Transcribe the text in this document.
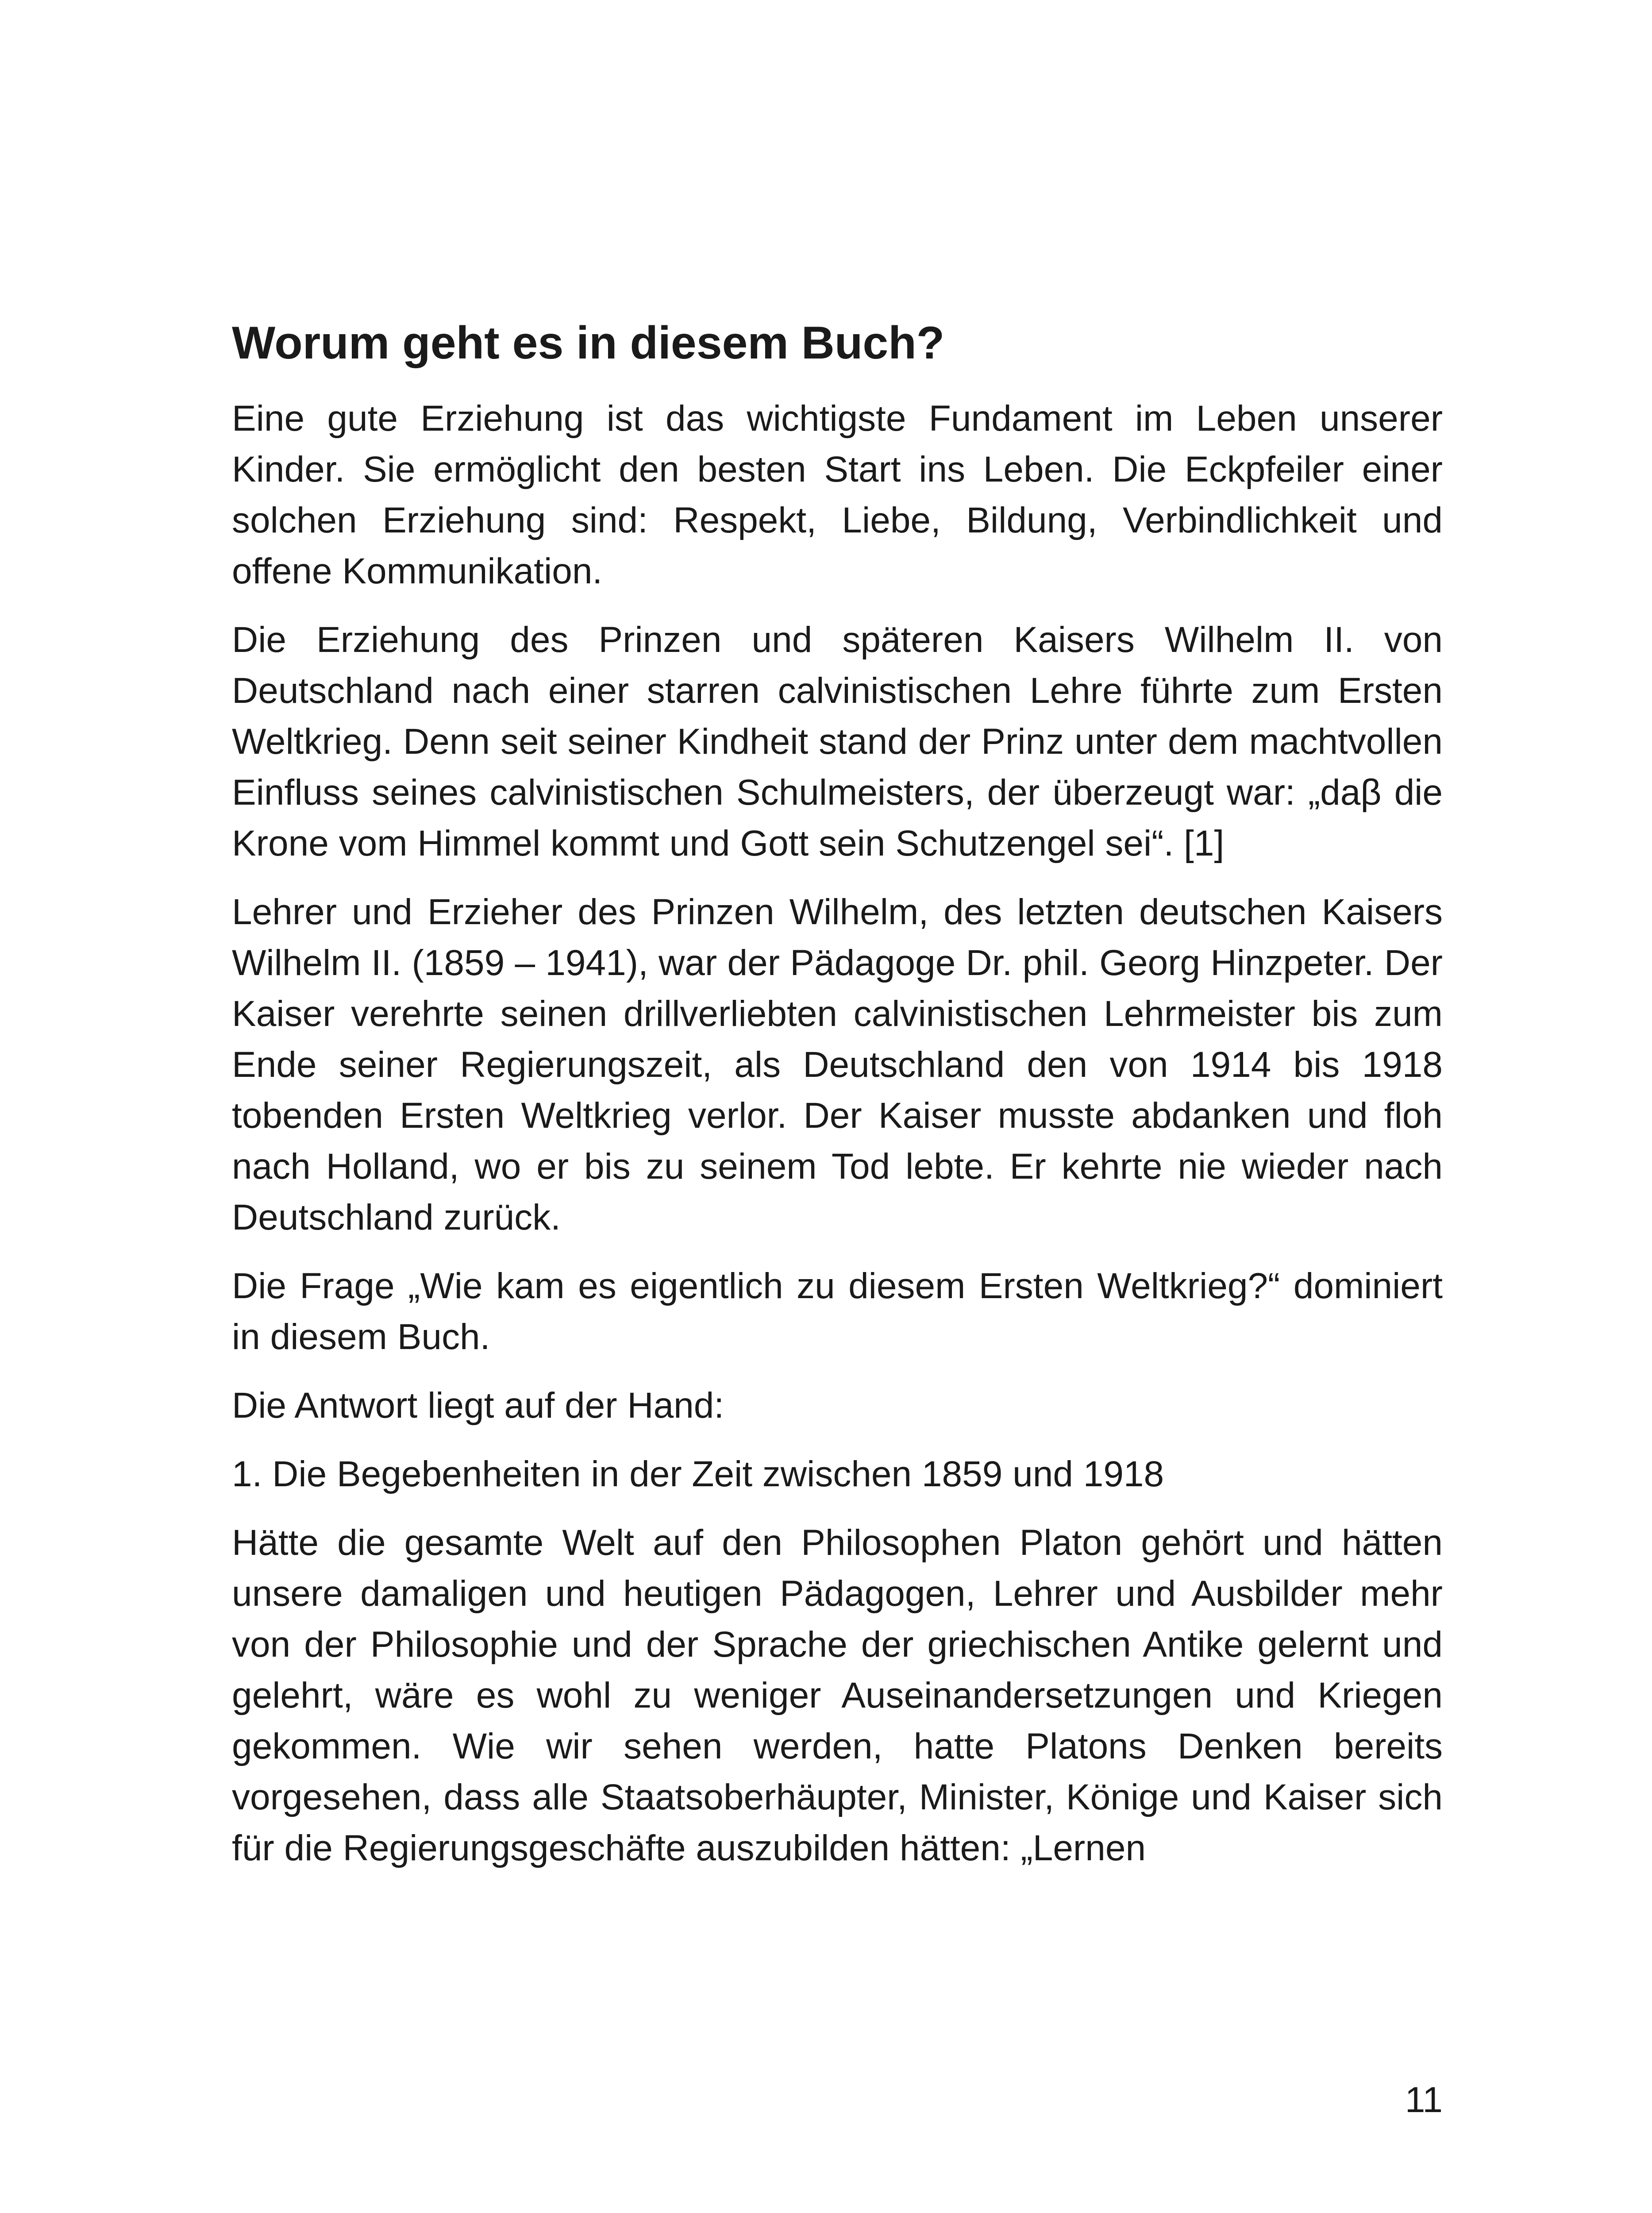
Worum geht es in diesem Buch?

Eine gute Erziehung ist das wichtigste Fundament im Leben unserer Kinder. Sie ermöglicht den besten Start ins Leben. Die Eckpfeiler einer solchen Erziehung sind: Respekt, Liebe, Bildung, Verbindlichkeit und offene Kommunikation.

Die Erziehung des Prinzen und späteren Kaisers Wilhelm II. von Deutschland nach einer starren calvinistischen Lehre führte zum Ersten Weltkrieg. Denn seit seiner Kindheit stand der Prinz unter dem machtvollen Einfluss seines calvinistischen Schulmeisters, der überzeugt war: „daβ die Krone vom Himmel kommt und Gott sein Schutzengel sei“. [1]

Lehrer und Erzieher des Prinzen Wilhelm, des letzten deutschen Kaisers Wilhelm II. (1859 – 1941), war der Pädagoge Dr. phil. Georg Hinzpeter. Der Kaiser verehrte seinen drillverliebten calvinistischen Lehrmeister bis zum Ende seiner Regierungszeit, als Deutschland den von 1914 bis 1918 tobenden Ersten Weltkrieg verlor. Der Kaiser musste abdanken und floh nach Holland, wo er bis zu seinem Tod lebte. Er kehrte nie wieder nach Deutschland zurück.

Die Frage „Wie kam es eigentlich zu diesem Ersten Weltkrieg?“ dominiert in diesem Buch.

Die Antwort liegt auf der Hand:

1. Die Begebenheiten in der Zeit zwischen 1859 und 1918

Hätte die gesamte Welt auf den Philosophen Platon gehört und hätten unsere damaligen und heutigen Pädagogen, Lehrer und Ausbilder mehr von der Philosophie und der Sprache der griechischen Antike gelernt und gelehrt, wäre es wohl zu weniger Auseinandersetzungen und Kriegen gekommen. Wie wir sehen werden, hatte Platons Denken bereits vorgesehen, dass alle Staatsoberhäupter, Minister, Könige und Kaiser sich für die Regierungsgeschäfte auszubilden hätten: „Lernen

11
